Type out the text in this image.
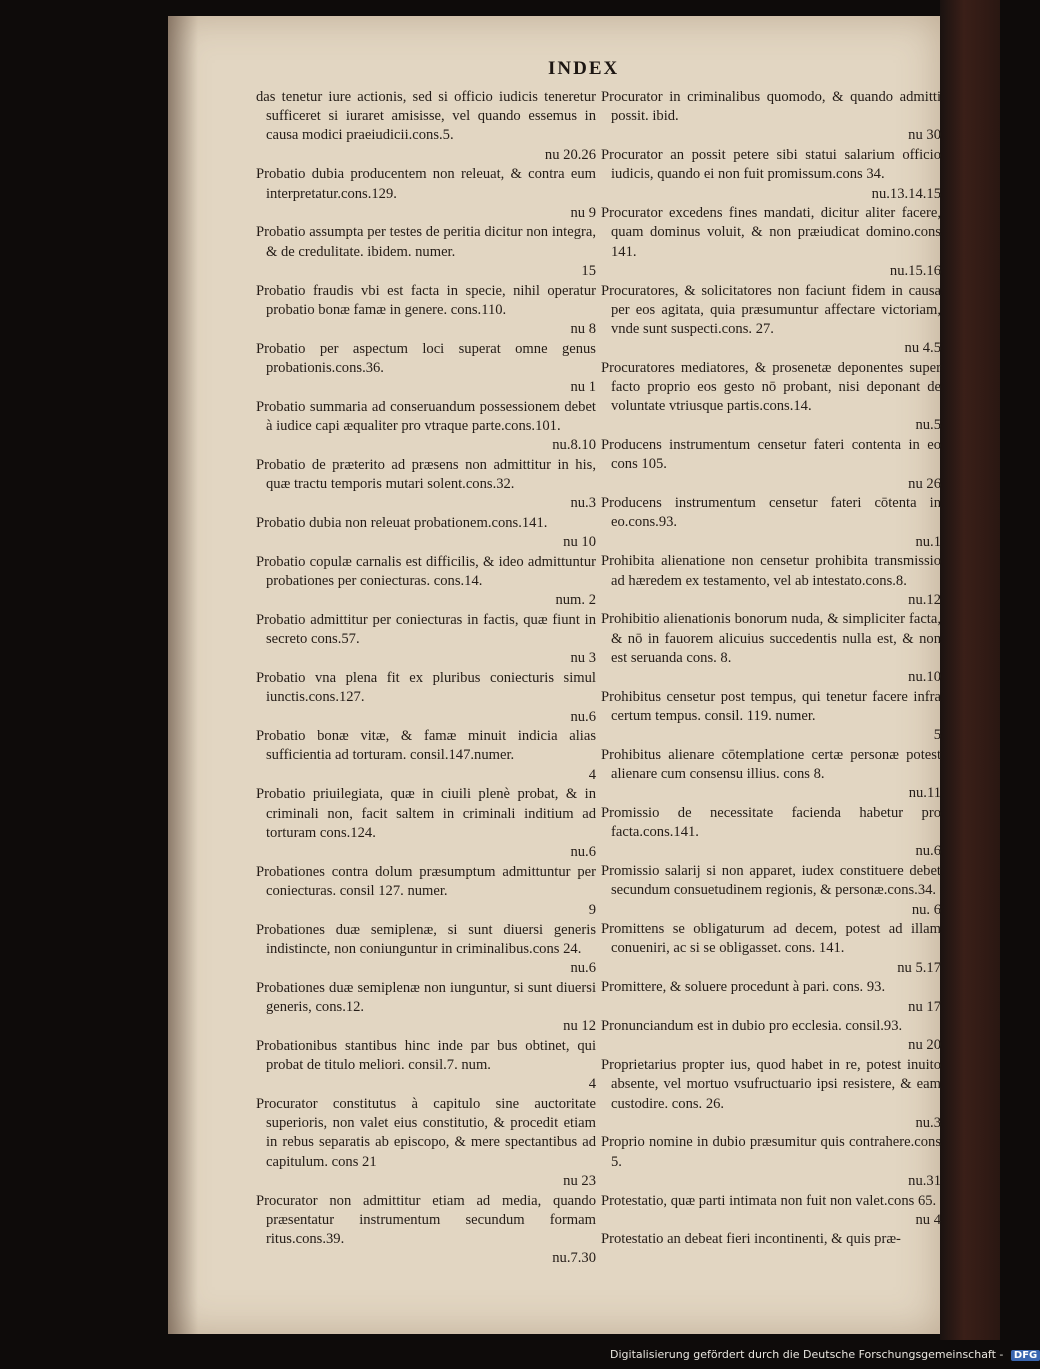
INDEX
das tenetur iure actionis, sed si officio iudicis teneretur sufficeret si iuraret amisisse, vel quando essemus in causa modici praeiudicii.cons.5.
nu 20.26
Probatio dubia producentem non releuat, & contra eum interpretatur.cons.129.
nu 9
Probatio assumpta per testes de peritia dicitur non integra, & de credulitate. ibidem. numer.
15
Probatio fraudis vbi est facta in specie, nihil operatur probatio bonæ famæ in genere. cons.110.
nu 8
Probatio per aspectum loci superat omne genus probationis.cons.36.
nu 1
Probatio summaria ad conseruandum possessionem debet à iudice capi æqualiter pro vtraque parte.cons.101.
nu.8.10
Probatio de præterito ad præsens non admittitur in his, quæ tractu temporis mutari solent.cons.32.
nu.3
Probatio dubia non releuat probationem.cons.141.
nu 10
Probatio copulæ carnalis est difficilis, & ideo admittuntur probationes per coniecturas. cons.14.
num. 2
Probatio admittitur per coniecturas in factis, quæ fiunt in secreto cons.57.
nu 3
Probatio vna plena fit ex pluribus coniecturis simul iunctis.cons.127.
nu.6
Probatio bonæ vitæ, & famæ minuit indicia alias sufficientia ad torturam. consil.147.numer.
4
Probatio priuilegiata, quæ in ciuili plenè probat, & in criminali non, facit saltem in criminali inditium ad torturam cons.124.
nu.6
Probationes contra dolum præsumptum admittuntur per coniecturas. consil 127. numer.
9
Probationes duæ semiplenæ, si sunt diuersi generis indistincte, non coniunguntur in criminalibus.cons 24.
nu.6
Probationes duæ semiplenæ non iunguntur, si sunt diuersi generis, cons.12.
nu 12
Probationibus stantibus hinc inde par bus obtinet, qui probat de titulo meliori. consil.7. num.
4
Procurator constitutus à capitulo sine auctoritate superioris, non valet eius constitutio, & procedit etiam in rebus separatis ab episcopo, & mere spectantibus ad capitulum. cons 21
nu 23
Procurator non admittitur etiam ad media, quando præsentatur instrumentum secundum formam ritus.cons.39.
nu.7.30
Procurator in criminalibus quomodo, & quando admitti possit. ibid.
nu 30
Procurator an possit petere sibi statui salarium officio iudicis, quando ei non fuit promissum.cons 34.
nu.13.14.15
Procurator excedens fines mandati, dicitur aliter facere, quam dominus voluit, & non præiudicat domino.cons 141.
nu.15.16
Procuratores, & solicitatores non faciunt fidem in causa per eos agitata, quia præsumuntur affectare victoriam, vnde sunt suspecti.cons. 27.
nu 4.5
Procuratores mediatores, & prosenetæ deponentes super facto proprio eos gesto nō probant, nisi deponant de voluntate vtriusque partis.cons.14.
nu.5
Producens instrumentum censetur fateri contenta in eo cons 105.
nu 26
Producens instrumentum censetur fateri cōtenta in eo.cons.93.
nu.1
Prohibita alienatione non censetur prohibita transmissio ad hæredem ex testamento, vel ab intestato.cons.8.
nu.12
Prohibitio alienationis bonorum nuda, & simpliciter facta, & nō in fauorem alicuius succedentis nulla est, & non est seruanda cons. 8.
nu.10
Prohibitus censetur post tempus, qui tenetur facere infra certum tempus. consil. 119. numer.
5
Prohibitus alienare cōtemplatione certæ personæ potest alienare cum consensu illius. cons 8.
nu.11
Promissio de necessitate facienda habetur pro facta.cons.141.
nu.6
Promissio salarij si non apparet, iudex constituere debet secundum consuetudinem regionis, & personæ.cons.34.
nu. 6
Promittens se obligaturum ad decem, potest ad illam conueniri, ac si se obligasset. cons. 141.
nu 5.17
Promittere, & soluere procedunt à pari. cons. 93.
nu 17
Pronunciandum est in dubio pro ecclesia. consil.93.
nu 20
Proprietarius propter ius, quod habet in re, potest inuito absente, vel mortuo vsufructuario ipsi resistere, & eam custodire. cons. 26.
nu.3
Proprio nomine in dubio præsumitur quis contrahere.cons 5.
nu.31
Protestatio, quæ parti intimata non fuit non valet.cons 65.
nu 4
Protestatio an debeat fieri incontinenti, & quis præ-
Digitalisierung gefördert durch die Deutsche Forschungsgemeinschaft - DFG
